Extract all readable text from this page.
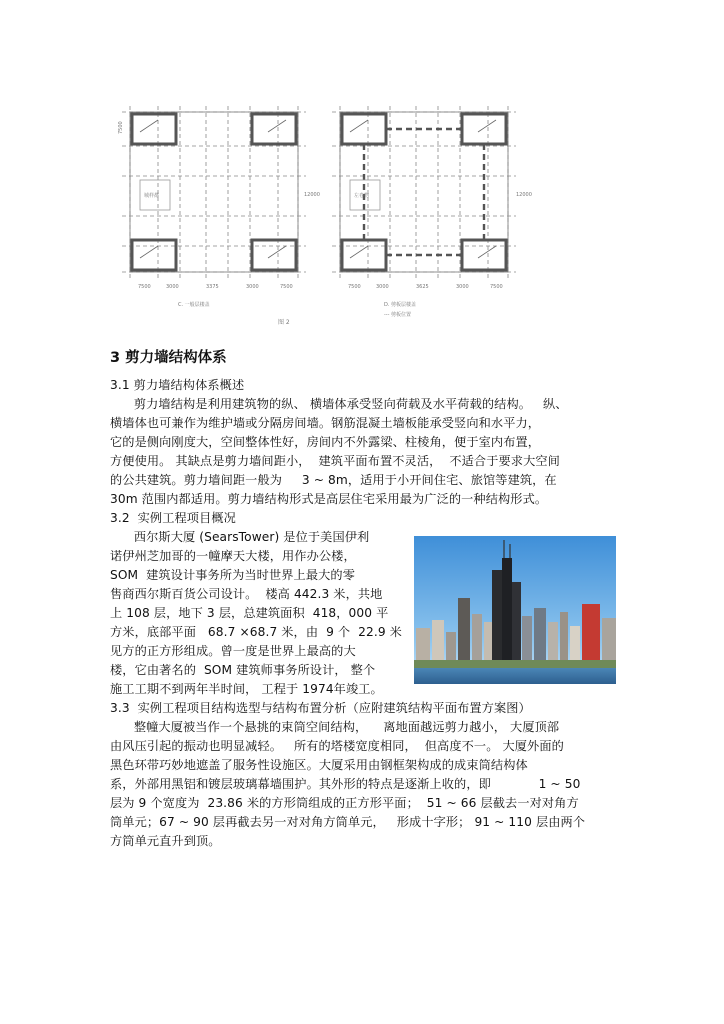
城样都	左卷物
7500	3000	3375	3000	7500	7500	3000	3625	3000	7500
7500
12000	12000
C. 一般层楼盖	D. 剪板层楼盖
--- 剪板位置
图 2
3 剪力墙结构体系
3.1 剪力墙结构体系概述
剪力墙结构是利用建筑物的纵、 横墙体承受竖向荷载及水平荷载的结构。   纵、
横墙体也可兼作为维护墙或分隔房间墙。钢筋混凝土墙板能承受竖向和水平力，
它的是侧向刚度大，空间整体性好，房间内不外露梁、柱棱角，便于室内布置，
方便使用。 其缺点是剪力墙间距小，  建筑平面布置不灵活，  不适合于要求大空间
的公共建筑。剪力墙间距一般为     3 ~ 8m，适用于小开间住宅、旅馆等建筑，在
30m 范围内都适用。剪力墙结构形式是高层住宅采用最为广泛的一种结构形式。
3.2  实例工程项目概况
西尔斯大厦 (SearsTower) 是位于美国伊利
诺伊州芝加哥的一幢摩天大楼，用作办公楼，
SOM  建筑设计事务所为当时世界上最大的零
售商西尔斯百货公司设计。  楼高 442.3 米，共地
上 108 层，地下 3 层，总建筑面积  418，000 平
方米，底部平面   68.7 ×68.7 米，由  9 个  22.9 米
见方的正方形组成。曾一度是世界上最高的大
楼，它由著名的  SOM 建筑师事务所设计， 整个
施工工期不到两年半时间， 工程于 1974年竣工。
3.3  实例工程项目结构选型与结构布置分析（应附建筑结构平面布置方案图）
整幢大厦被当作一个悬挑的束筒空间结构，    离地面越远剪力越小， 大厦顶部
由风压引起的振动也明显减轻。   所有的塔楼宽度相同，  但高度不一。 大厦外面的
黑色环带巧妙地遮盖了服务性设施区。大厦采用由钢框架构成的成束筒结构体
系，外部用黑铝和镀层玻璃幕墙围护。其外形的特点是逐渐上收的，即            1 ~ 50
层为 9 个宽度为  23.86 米的方形筒组成的正方形平面；  51 ~ 66 层截去一对对角方
筒单元；67 ~ 90 层再截去另一对对角方筒单元，   形成十字形； 91 ~ 110 层由两个
方筒单元直升到顶。
